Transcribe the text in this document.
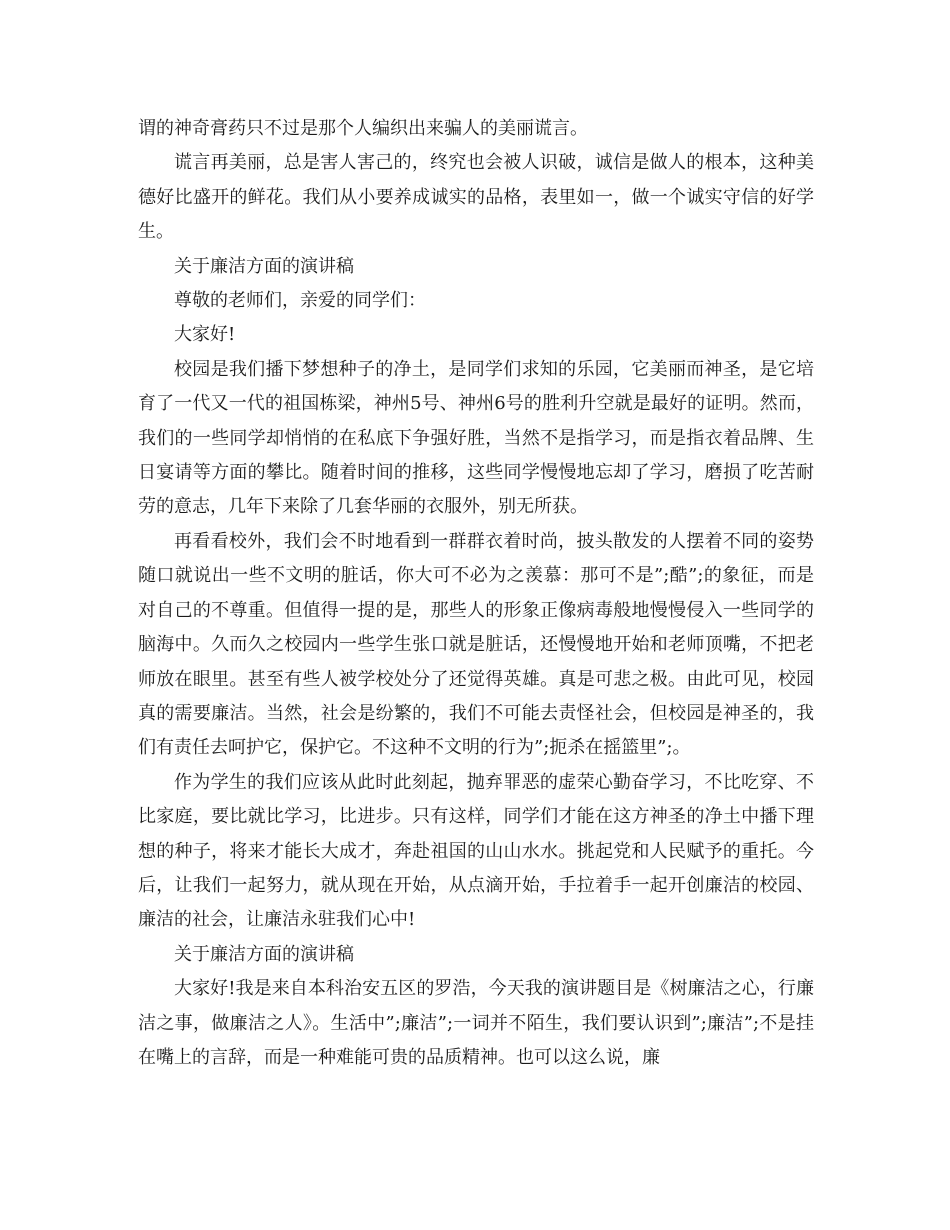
谓的神奇膏药只不过是那个人编织出来骗人的美丽谎言。

谎言再美丽，总是害人害己的，终究也会被人识破，诚信是做人的根本，这种美德好比盛开的鲜花。我们从小要养成诚实的品格，表里如一，做一个诚实守信的好学生。

关于廉洁方面的演讲稿

尊敬的老师们，亲爱的同学们：

大家好!

校园是我们播下梦想种子的净土，是同学们求知的乐园，它美丽而神圣，是它培育了一代又一代的祖国栋梁，神州5号、神州6号的胜利升空就是最好的证明。然而，我们的一些同学却悄悄的在私底下争强好胜，当然不是指学习，而是指衣着品牌、生日宴请等方面的攀比。随着时间的推移，这些同学慢慢地忘却了学习，磨损了吃苦耐劳的意志，几年下来除了几套华丽的衣服外，别无所获。

再看看校外，我们会不时地看到一群群衣着时尚，披头散发的人摆着不同的姿势随口就说出一些不文明的脏话，你大可不必为之羡慕：那可不是”;酷”;的象征，而是对自己的不尊重。但值得一提的是，那些人的形象正像病毒般地慢慢侵入一些同学的脑海中。久而久之校园内一些学生张口就是脏话，还慢慢地开始和老师顶嘴，不把老师放在眼里。甚至有些人被学校处分了还觉得英雄。真是可悲之极。由此可见，校园真的需要廉洁。当然，社会是纷繁的，我们不可能去责怪社会，但校园是神圣的，我们有责任去呵护它，保护它。不这种不文明的行为”;扼杀在摇篮里”;。

作为学生的我们应该从此时此刻起，抛弃罪恶的虚荣心勤奋学习，不比吃穿、不比家庭，要比就比学习，比进步。只有这样，同学们才能在这方神圣的净土中播下理想的种子，将来才能长大成才，奔赴祖国的山山水水。挑起党和人民赋予的重托。今后，让我们一起努力，就从现在开始，从点滴开始，手拉着手一起开创廉洁的校园、廉洁的社会，让廉洁永驻我们心中!

关于廉洁方面的演讲稿

大家好!我是来自本科治安五区的罗浩，今天我的演讲题目是《树廉洁之心，行廉洁之事，做廉洁之人》。生活中”;廉洁”;一词并不陌生，我们要认识到”;廉洁”;不是挂在嘴上的言辞，而是一种难能可贵的品质精神。也可以这么说，廉
